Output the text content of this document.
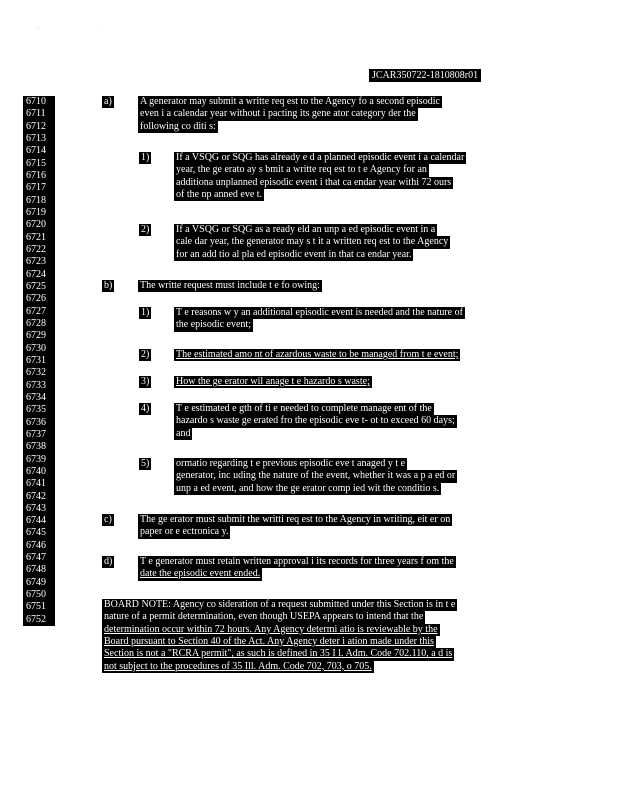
' ·
JCAR350722-1810808r01
6710
6711
6712
6713
6714
6715
6716
6717
6718
6719
6720
6721
6722
6723
6724
6725
6726
6727
6728
6729
6730
6731
6732
6733
6734
6735
6736
6737
6738
6739
6740
6741
6742
6743
6744
6745
6746
6747
6748
6749
6750
6751
6752
a)	A generator may submit a writte req est to the Agency fo a second episodic
even i a calendar year without i pacting its gene ator category der the
following co diti s:
1)	If a VSQG or SQG has already e d a planned episodic event i a calendar
year, the ge erato ay s bmit a writte req est to t e Agency for an
additiona unplanned episodic event i that ca endar year withi 72 ours
of the np anned eve t.
2)	If a VSQG or SQG as a ready eld an unp a ed episodic event in a
cale dar year, the generator may s t it a written req est to the Agency
for an add tio al pla ed episodic event in that ca endar year.
b)	The writte request must include t e fo owing:
1)	T e reasons w y an additional episodic event is needed and the nature of
the episodic event;
2)	The estimated amo nt of azardous waste to be managed from t e event;
3)	How the ge erator wil anage t e hazardo s waste;
4)	T e estimated e gth of ti e needed to complete manage ent of the
hazardo s waste ge erated fro the episodic eve t- ot to exceed 60 days;
and
5)	ormatio regarding t e previous episodic eve t anaged y t e
generator, inc uding the nature of the event, whether it was a p a ed or
unp a ed event, and how the ge erator comp ied wit the conditio s.
c)	The ge erator must submit the writti req est to the Agency in writing, eit er on
paper or e ectronica y.
d)	T e generator must retain written approval i its records for three years f om the
date the episodic event ended.
BOARD NOTE: Agency co sideration of a request submitted under this Section is in t e
nature of a permit determination, even though USEPA appears to intend that the
determination occur within 72 hours. Any Agency determi atio is reviewable by the
Board pursuant to Section 40 of the Act. Any Agency deter i ation made under this
Section is not a "RCRA permit", as such is defined in 35 I l. Adm. Code 702.110, a d is
not subject to the procedures of 35 Ill. Adm. Code 702, 703, o 705.
